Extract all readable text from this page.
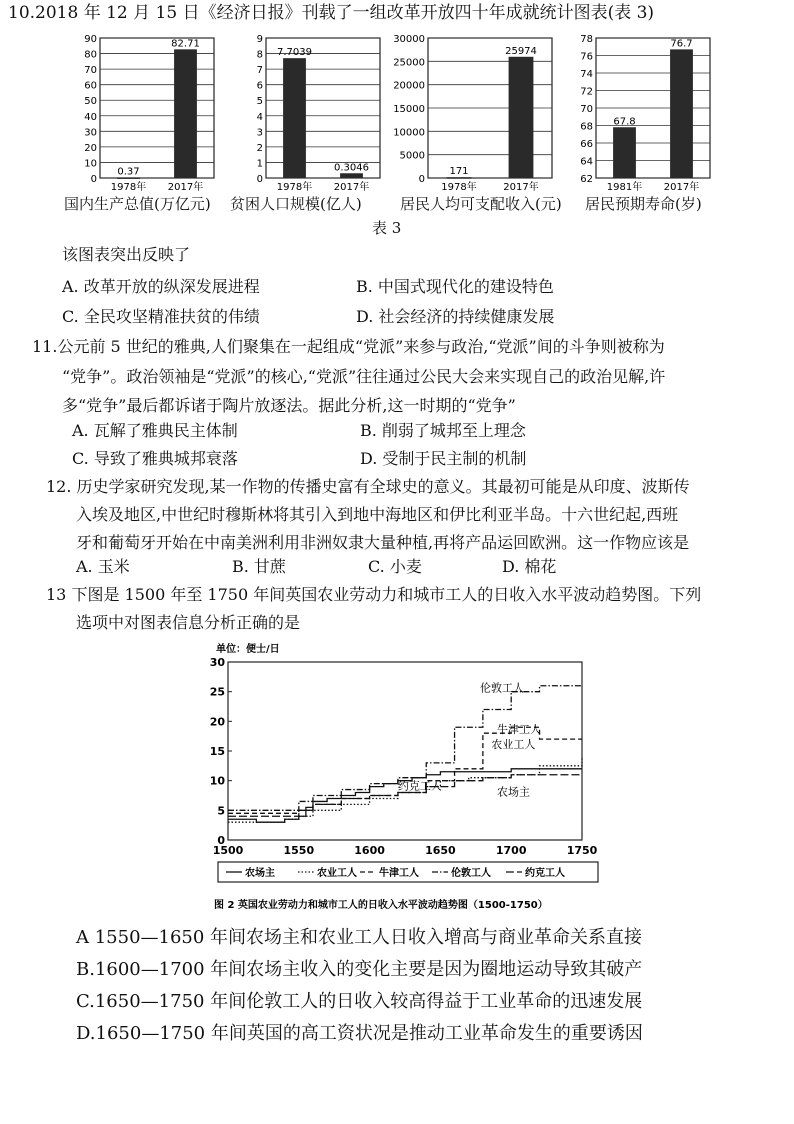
10.2018 年 12 月 15 日《经济日报》刊载了一组改革开放四十年成就统计图表(表 3)
0
10
20
30
40
50
60
70
80
90
0.37
1978年
82.71
2017年
0
1
2
3
4
5
6
7
8
9
7.7039
1978年
0.3046
2017年
0
5000
10000
15000
20000
25000
30000
171
1978年
25974
2017年
62
64
66
68
70
72
74
76
78
67.8
1981年
76.7
2017年
国内生产总值(万亿元) 贫困人口规模(亿人)	居民人均可支配收入(元) 居民预期寿命(岁)
表 3
该图表突出反映了
A. 改革开放的纵深发展进程	B. 中国式现代化的建设特色
C. 全民攻坚精准扶贫的伟绩	D. 社会经济的持续健康发展
11.公元前 5 世纪的雅典,人们聚集在一起组成“党派”来参与政治,“党派”间的斗争则被称为
“党争”。政治领袖是“党派”的核心,“党派”往往通过公民大会来实现自己的政治见解,许
多“党争”最后都诉诸于陶片放逐法。据此分析,这一时期的“党争”
A. 瓦解了雅典民主体制	B. 削弱了城邦至上理念
C. 导致了雅典城邦衰落	D. 受制于民主制的机制
12. 历史学家研究发现,某一作物的传播史富有全球史的意义。其最初可能是从印度、波斯传
入埃及地区,中世纪时穆斯林将其引入到地中海地区和伊比利亚半岛。十六世纪起,西班
牙和葡萄牙开始在中南美洲利用非洲奴隶大量种植,再将产品运回欧洲。这一作物应该是
A. 玉米	B. 甘蔗	C. 小麦	D. 棉花
13 下图是 1500 年至 1750 年间英国农业劳动力和城市工人的日收入水平波动趋势图。下列
选项中对图表信息分析正确的是
单位：便士/日
0
5
10
15
20
25
30
1500	1550	1600	1650	1700	1750
伦敦工人
牛津工人
农业工人
约克工人	农场主
农场主	农业工人 牛津工人	伦敦工人	约克工人
图 2 英国农业劳动力和城市工人的日收入水平波动趋势图（1500-1750）
A 1550—1650 年间农场主和农业工人日收入增高与商业革命关系直接
B.1600—1700 年间农场主收入的变化主要是因为圈地运动导致其破产
C.1650—1750 年间伦敦工人的日收入较高得益于工业革命的迅速发展
D.1650—1750 年间英国的高工资状况是推动工业革命发生的重要诱因
